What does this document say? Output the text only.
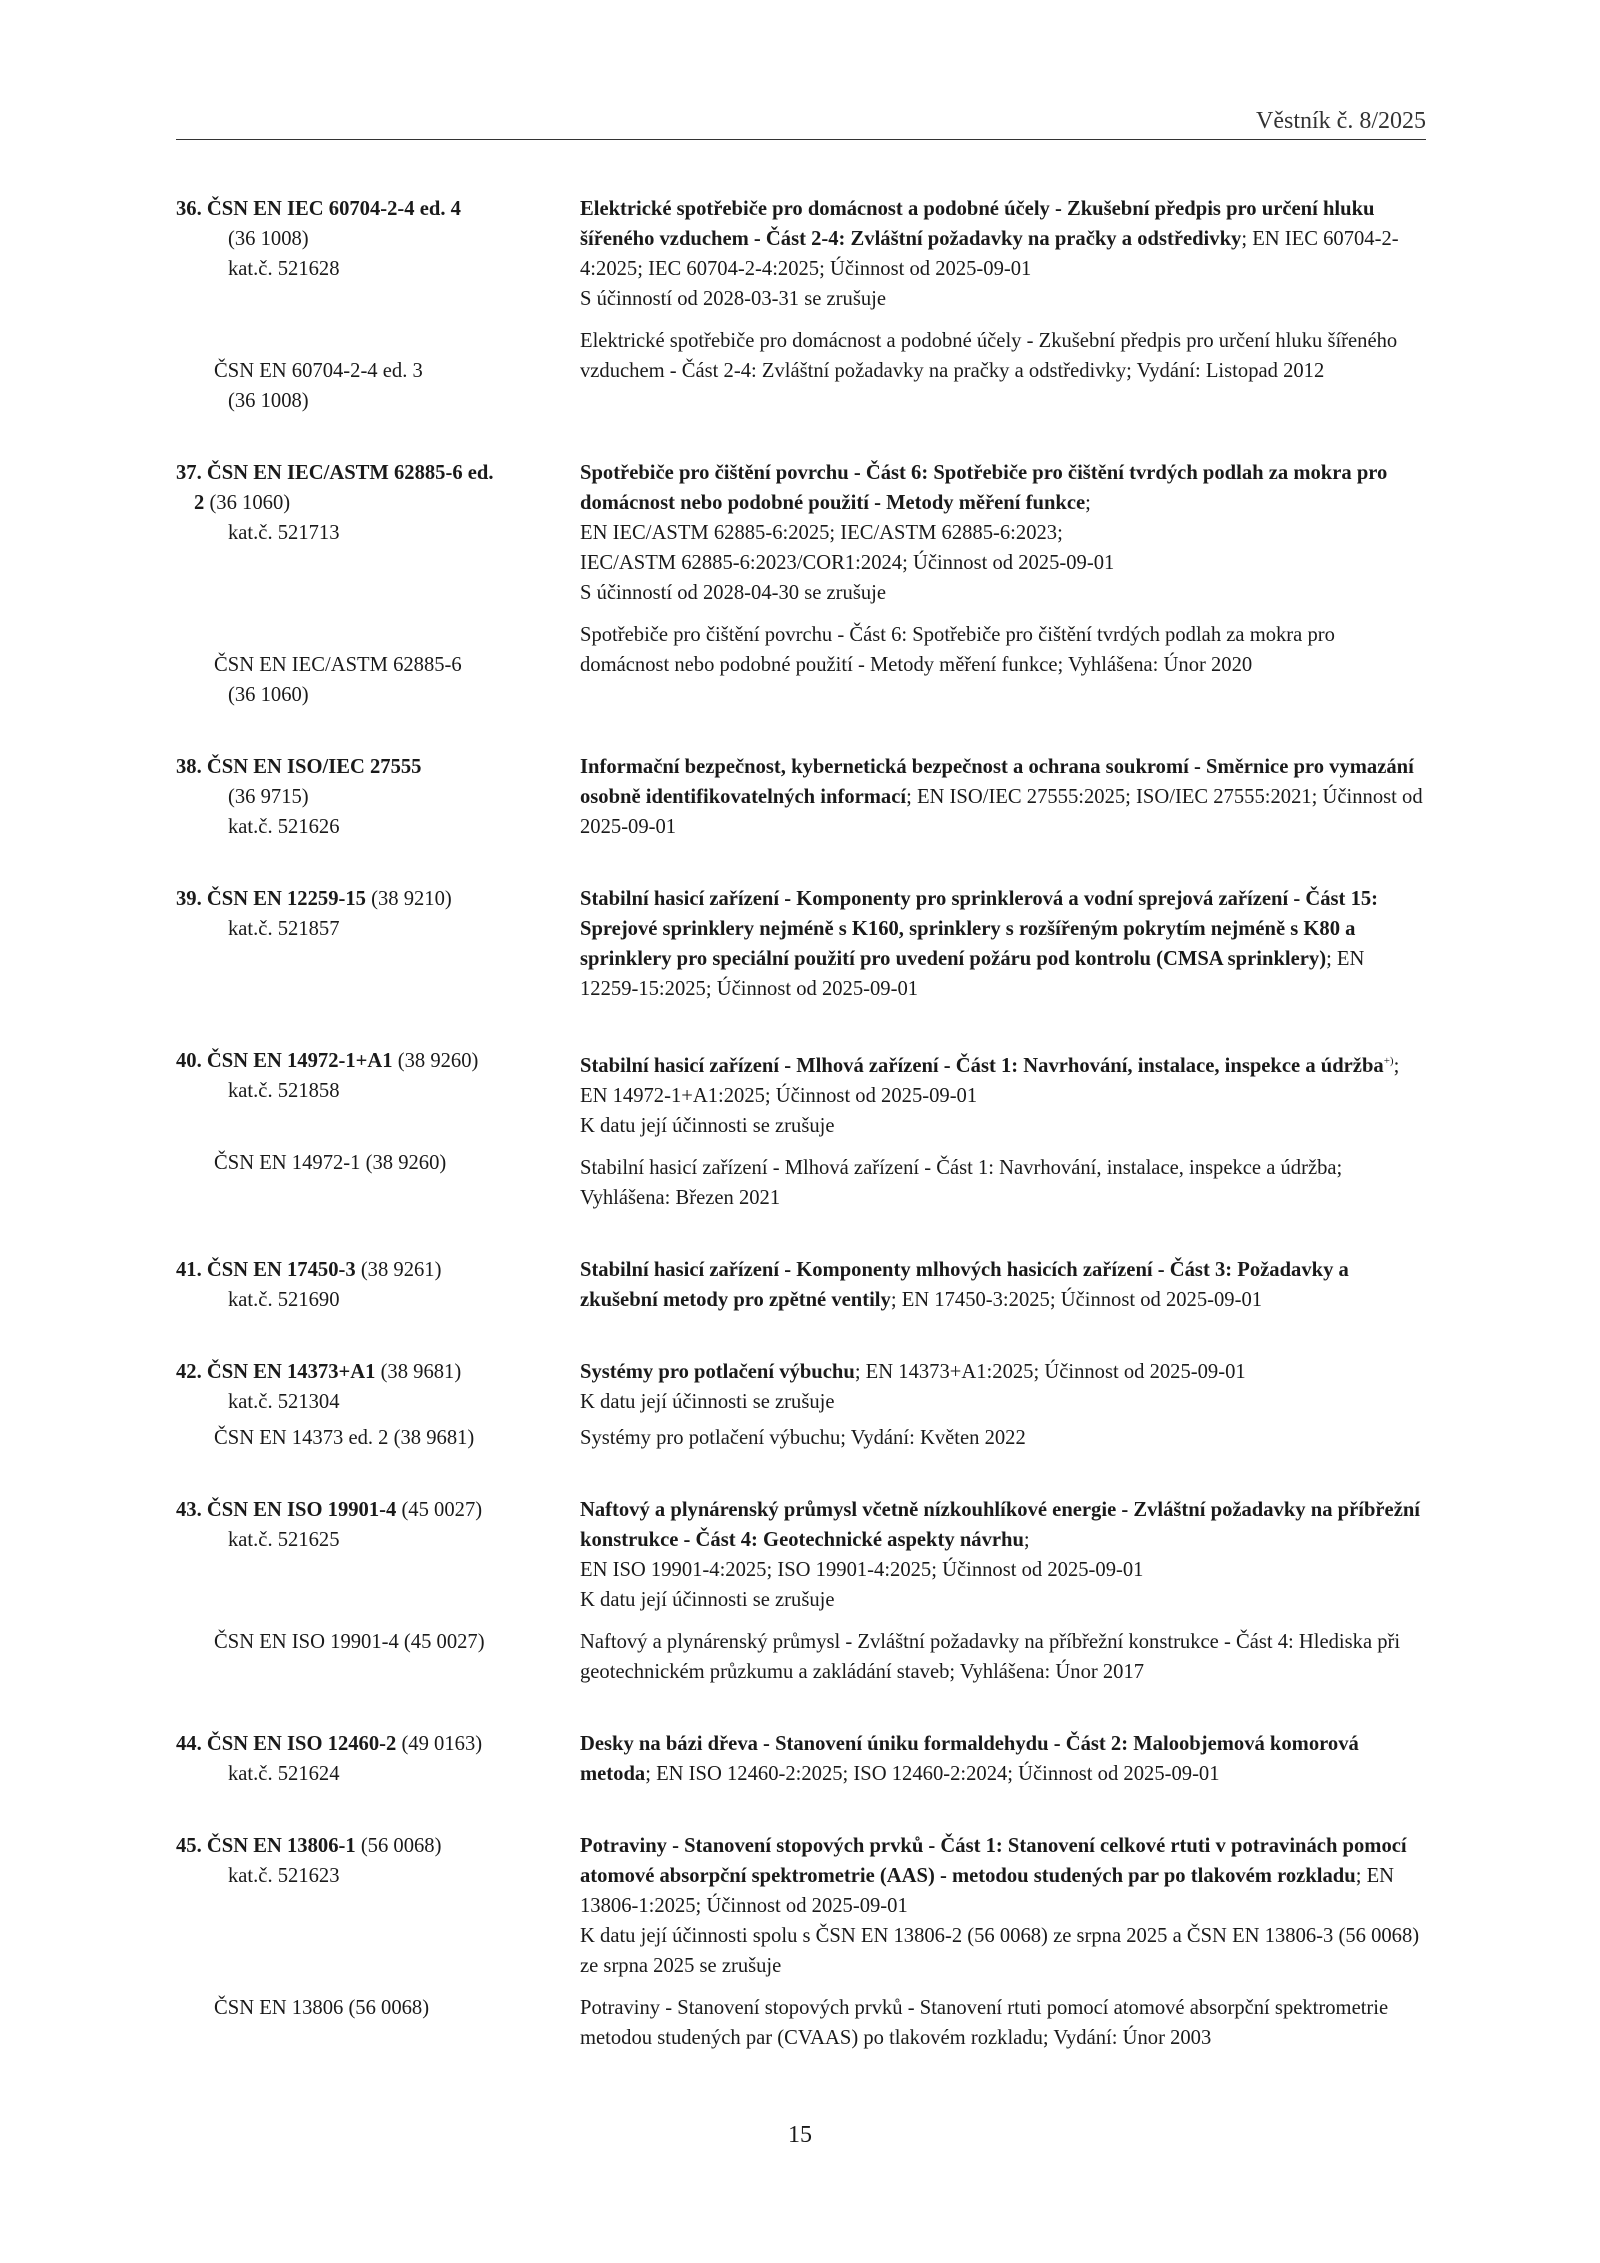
Věstník č. 8/2025
36. ČSN EN IEC 60704-2-4 ed. 4
(36 1008)
kat.č. 521628
ČSN EN 60704-2-4 ed. 3
(36 1008)
Elektrické spotřebiče pro domácnost a podobné účely - Zkušební předpis pro určení hluku šířeného vzduchem - Část 2-4: Zvláštní požadavky na pračky a odstředivky; EN IEC 60704-2-4:2025; IEC 60704-2-4:2025; Účinnost od 2025-09-01
S účinností od 2028-03-31 se zrušuje
Elektrické spotřebiče pro domácnost a podobné účely - Zkušební předpis pro určení hluku šířeného vzduchem - Část 2-4: Zvláštní požadavky na pračky a odstředivky; Vydání: Listopad 2012
37. ČSN EN IEC/ASTM 62885-6 ed.
2 (36 1060)
kat.č. 521713
ČSN EN IEC/ASTM 62885-6
(36 1060)
Spotřebiče pro čištění povrchu - Část 6: Spotřebiče pro čištění tvrdých podlah za mokra pro domácnost nebo podobné použití - Metody měření funkce;
EN IEC/ASTM 62885-6:2025; IEC/ASTM 62885-6:2023;
IEC/ASTM 62885-6:2023/COR1:2024; Účinnost od 2025-09-01
S účinností od 2028-04-30 se zrušuje
Spotřebiče pro čištění povrchu - Část 6: Spotřebiče pro čištění tvrdých podlah za mokra pro domácnost nebo podobné použití - Metody měření funkce; Vyhlášena: Únor 2020
38. ČSN EN ISO/IEC 27555
(36 9715)
kat.č. 521626
Informační bezpečnost, kybernetická bezpečnost a ochrana soukromí - Směrnice pro vymazání osobně identifikovatelných informací; EN ISO/IEC 27555:2025; ISO/IEC 27555:2021; Účinnost od 2025-09-01
39. ČSN EN 12259-15 (38 9210)
kat.č. 521857
Stabilní hasicí zařízení - Komponenty pro sprinklerová a vodní sprejová zařízení - Část 15: Sprejové sprinklery nejméně s K160, sprinklery s rozšířeným pokrytím nejméně s K80 a sprinklery pro speciální použití pro uvedení požáru pod kontrolu (CMSA sprinklery); EN 12259-15:2025; Účinnost od 2025-09-01
40. ČSN EN 14972-1+A1 (38 9260)
kat.č. 521858
ČSN EN 14972-1 (38 9260)
Stabilní hasicí zařízení - Mlhová zařízení - Část 1: Navrhování, instalace, inspekce a údržba+); EN 14972-1+A1:2025; Účinnost od 2025-09-01
K datu její účinnosti se zrušuje
Stabilní hasicí zařízení - Mlhová zařízení - Část 1: Navrhování, instalace, inspekce a údržba; Vyhlášena: Březen 2021
41. ČSN EN 17450-3 (38 9261)
kat.č. 521690
Stabilní hasicí zařízení - Komponenty mlhových hasicích zařízení - Část 3: Požadavky a zkušební metody pro zpětné ventily; EN 17450-3:2025; Účinnost od 2025-09-01
42. ČSN EN 14373+A1 (38 9681)
kat.č. 521304
ČSN EN 14373 ed. 2 (38 9681)
Systémy pro potlačení výbuchu; EN 14373+A1:2025; Účinnost od 2025-09-01
K datu její účinnosti se zrušuje
Systémy pro potlačení výbuchu; Vydání: Květen 2022
43. ČSN EN ISO 19901-4 (45 0027)
kat.č. 521625
ČSN EN ISO 19901-4 (45 0027)
Naftový a plynárenský průmysl včetně nízkouhlíkové energie - Zvláštní požadavky na příbřežní konstrukce - Část 4: Geotechnické aspekty návrhu;
EN ISO 19901-4:2025; ISO 19901-4:2025; Účinnost od 2025-09-01
K datu její účinnosti se zrušuje
Naftový a plynárenský průmysl - Zvláštní požadavky na příbřežní konstrukce - Část 4: Hlediska při geotechnickém průzkumu a zakládání staveb; Vyhlášena: Únor 2017
44. ČSN EN ISO 12460-2 (49 0163)
kat.č. 521624
Desky na bázi dřeva - Stanovení úniku formaldehydu - Část 2: Maloobjemová komorová metoda; EN ISO 12460-2:2025; ISO 12460-2:2024; Účinnost od 2025-09-01
45. ČSN EN 13806-1 (56 0068)
kat.č. 521623
ČSN EN 13806 (56 0068)
Potraviny - Stanovení stopových prvků - Část 1: Stanovení celkové rtuti v potravinách pomocí atomové absorpční spektrometrie (AAS) - metodou studených par po tlakovém rozkladu; EN 13806-1:2025; Účinnost od 2025-09-01
K datu její účinnosti spolu s ČSN EN 13806-2 (56 0068) ze srpna 2025 a ČSN EN 13806-3 (56 0068) ze srpna 2025 se zrušuje
Potraviny - Stanovení stopových prvků - Stanovení rtuti pomocí atomové absorpční spektrometrie metodou studených par (CVAAS) po tlakovém rozkladu; Vydání: Únor 2003
15
